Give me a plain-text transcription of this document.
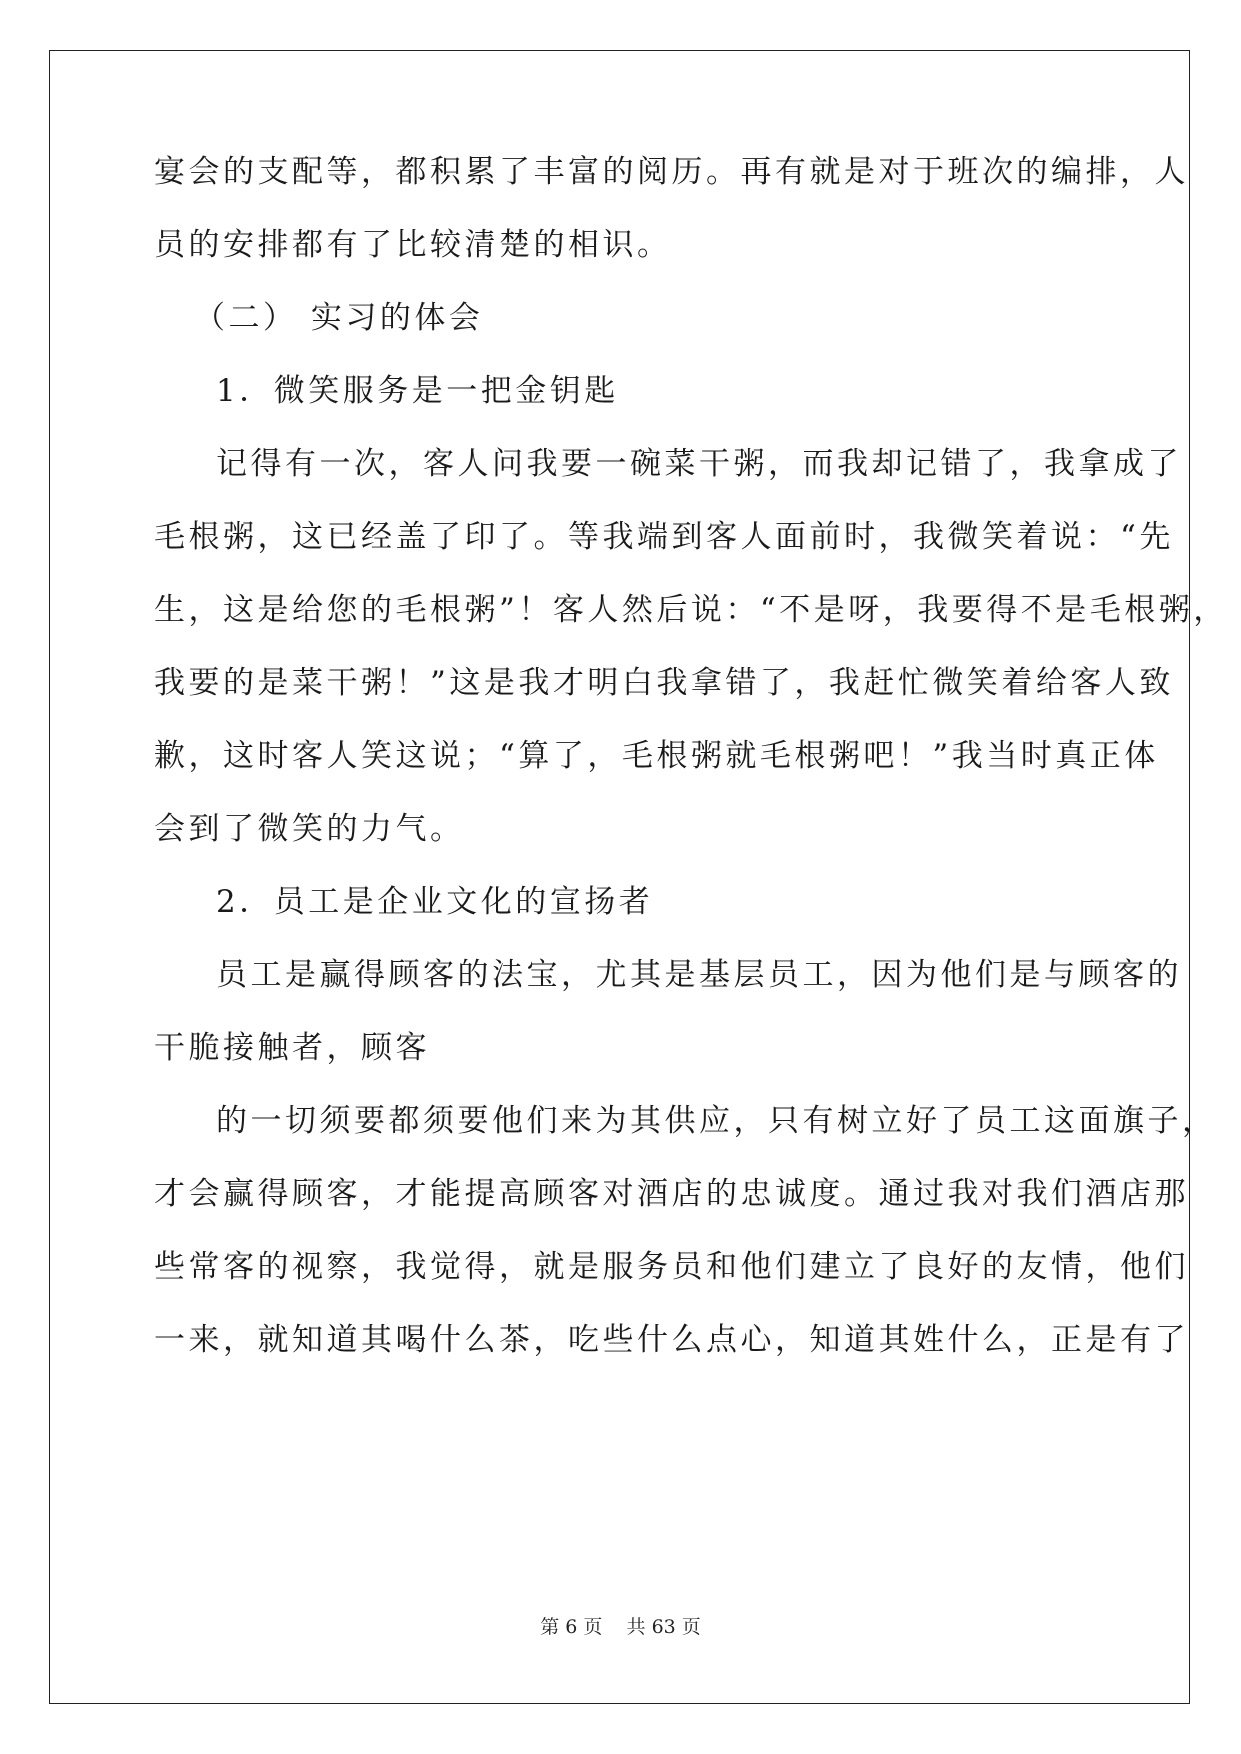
宴会的支配等，都积累了丰富的阅历。再有就是对于班次的编排，人
员的安排都有了比较清楚的相识。
（二） 实习的体会
1．微笑服务是一把金钥匙
记得有一次，客人问我要一碗菜干粥，而我却记错了，我拿成了
毛根粥，这已经盖了印了。等我端到客人面前时，我微笑着说：“先
生，这是给您的毛根粥”！客人然后说：“不是呀，我要得不是毛根粥，
我要的是菜干粥！”这是我才明白我拿错了，我赶忙微笑着给客人致
歉，这时客人笑这说；“算了，毛根粥就毛根粥吧！”我当时真正体
会到了微笑的力气。
2．员工是企业文化的宣扬者
员工是赢得顾客的法宝，尤其是基层员工，因为他们是与顾客的
干脆接触者，顾客
的一切须要都须要他们来为其供应，只有树立好了员工这面旗子，
才会赢得顾客，才能提高顾客对酒店的忠诚度。通过我对我们酒店那
些常客的视察，我觉得，就是服务员和他们建立了良好的友情，他们
一来，就知道其喝什么茶，吃些什么点心，知道其姓什么，正是有了
第 6 页    共 63 页
